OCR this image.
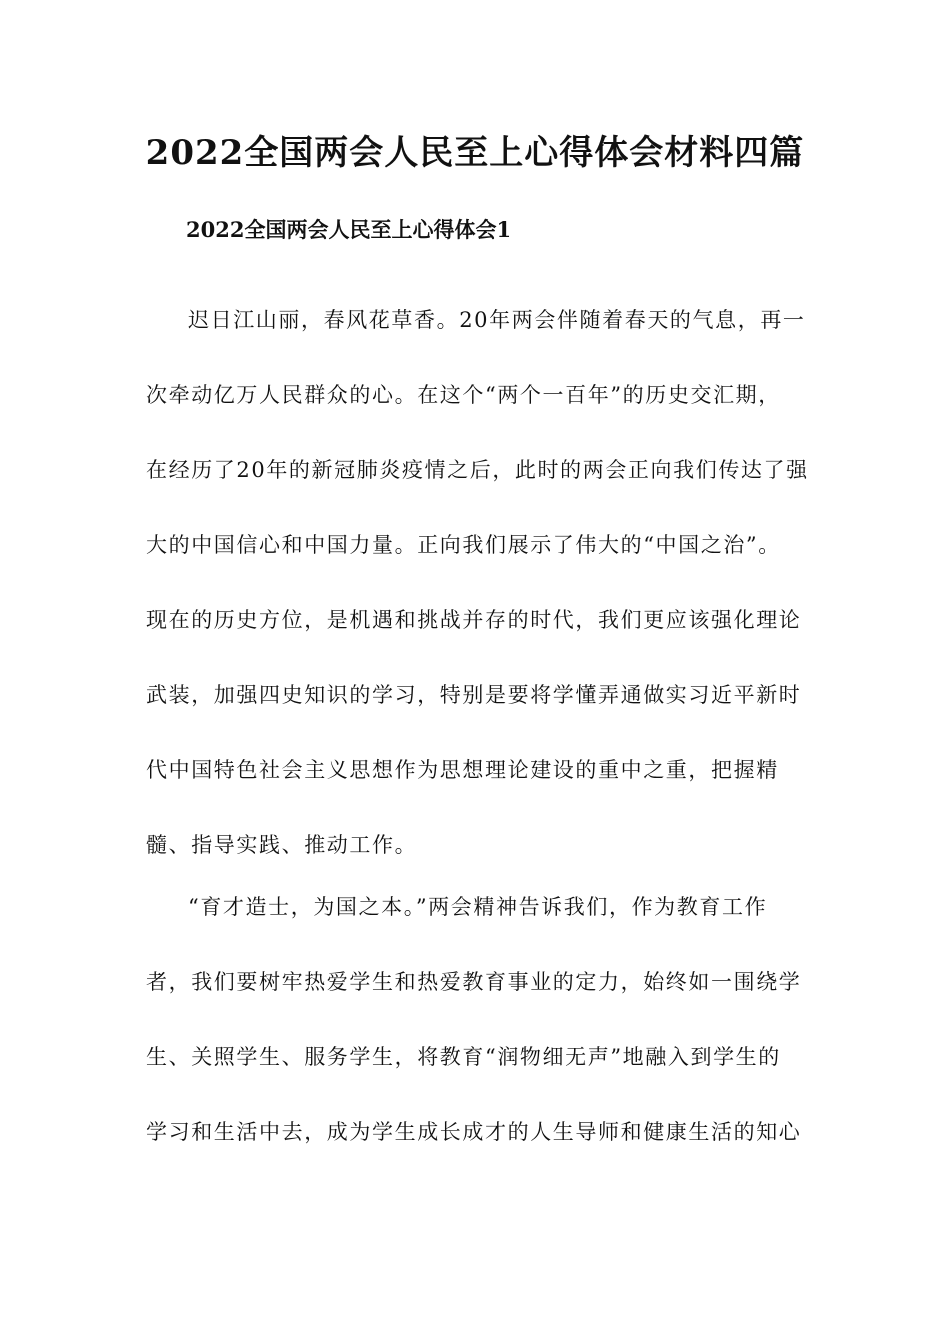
2022全国两会人民至上心得体会材料四篇
2022全国两会人民至上心得体会1
迟日江山丽，春风花草香。20年两会伴随着春天的气息，再一
次牵动亿万人民群众的心。在这个“两个一百年”的历史交汇期，
在经历了20年的新冠肺炎疫情之后，此时的两会正向我们传达了强
大的中国信心和中国力量。正向我们展示了伟大的“中国之治”。
现在的历史方位，是机遇和挑战并存的时代，我们更应该强化理论
武装，加强四史知识的学习，特别是要将学懂弄通做实习近平新时
代中国特色社会主义思想作为思想理论建设的重中之重，把握精
髓、指导实践、推动工作。
“育才造士，为国之本。”两会精神告诉我们，作为教育工作
者，我们要树牢热爱学生和热爱教育事业的定力，始终如一围绕学
生、关照学生、服务学生，将教育“润物细无声”地融入到学生的
学习和生活中去，成为学生成长成才的人生导师和健康生活的知心
